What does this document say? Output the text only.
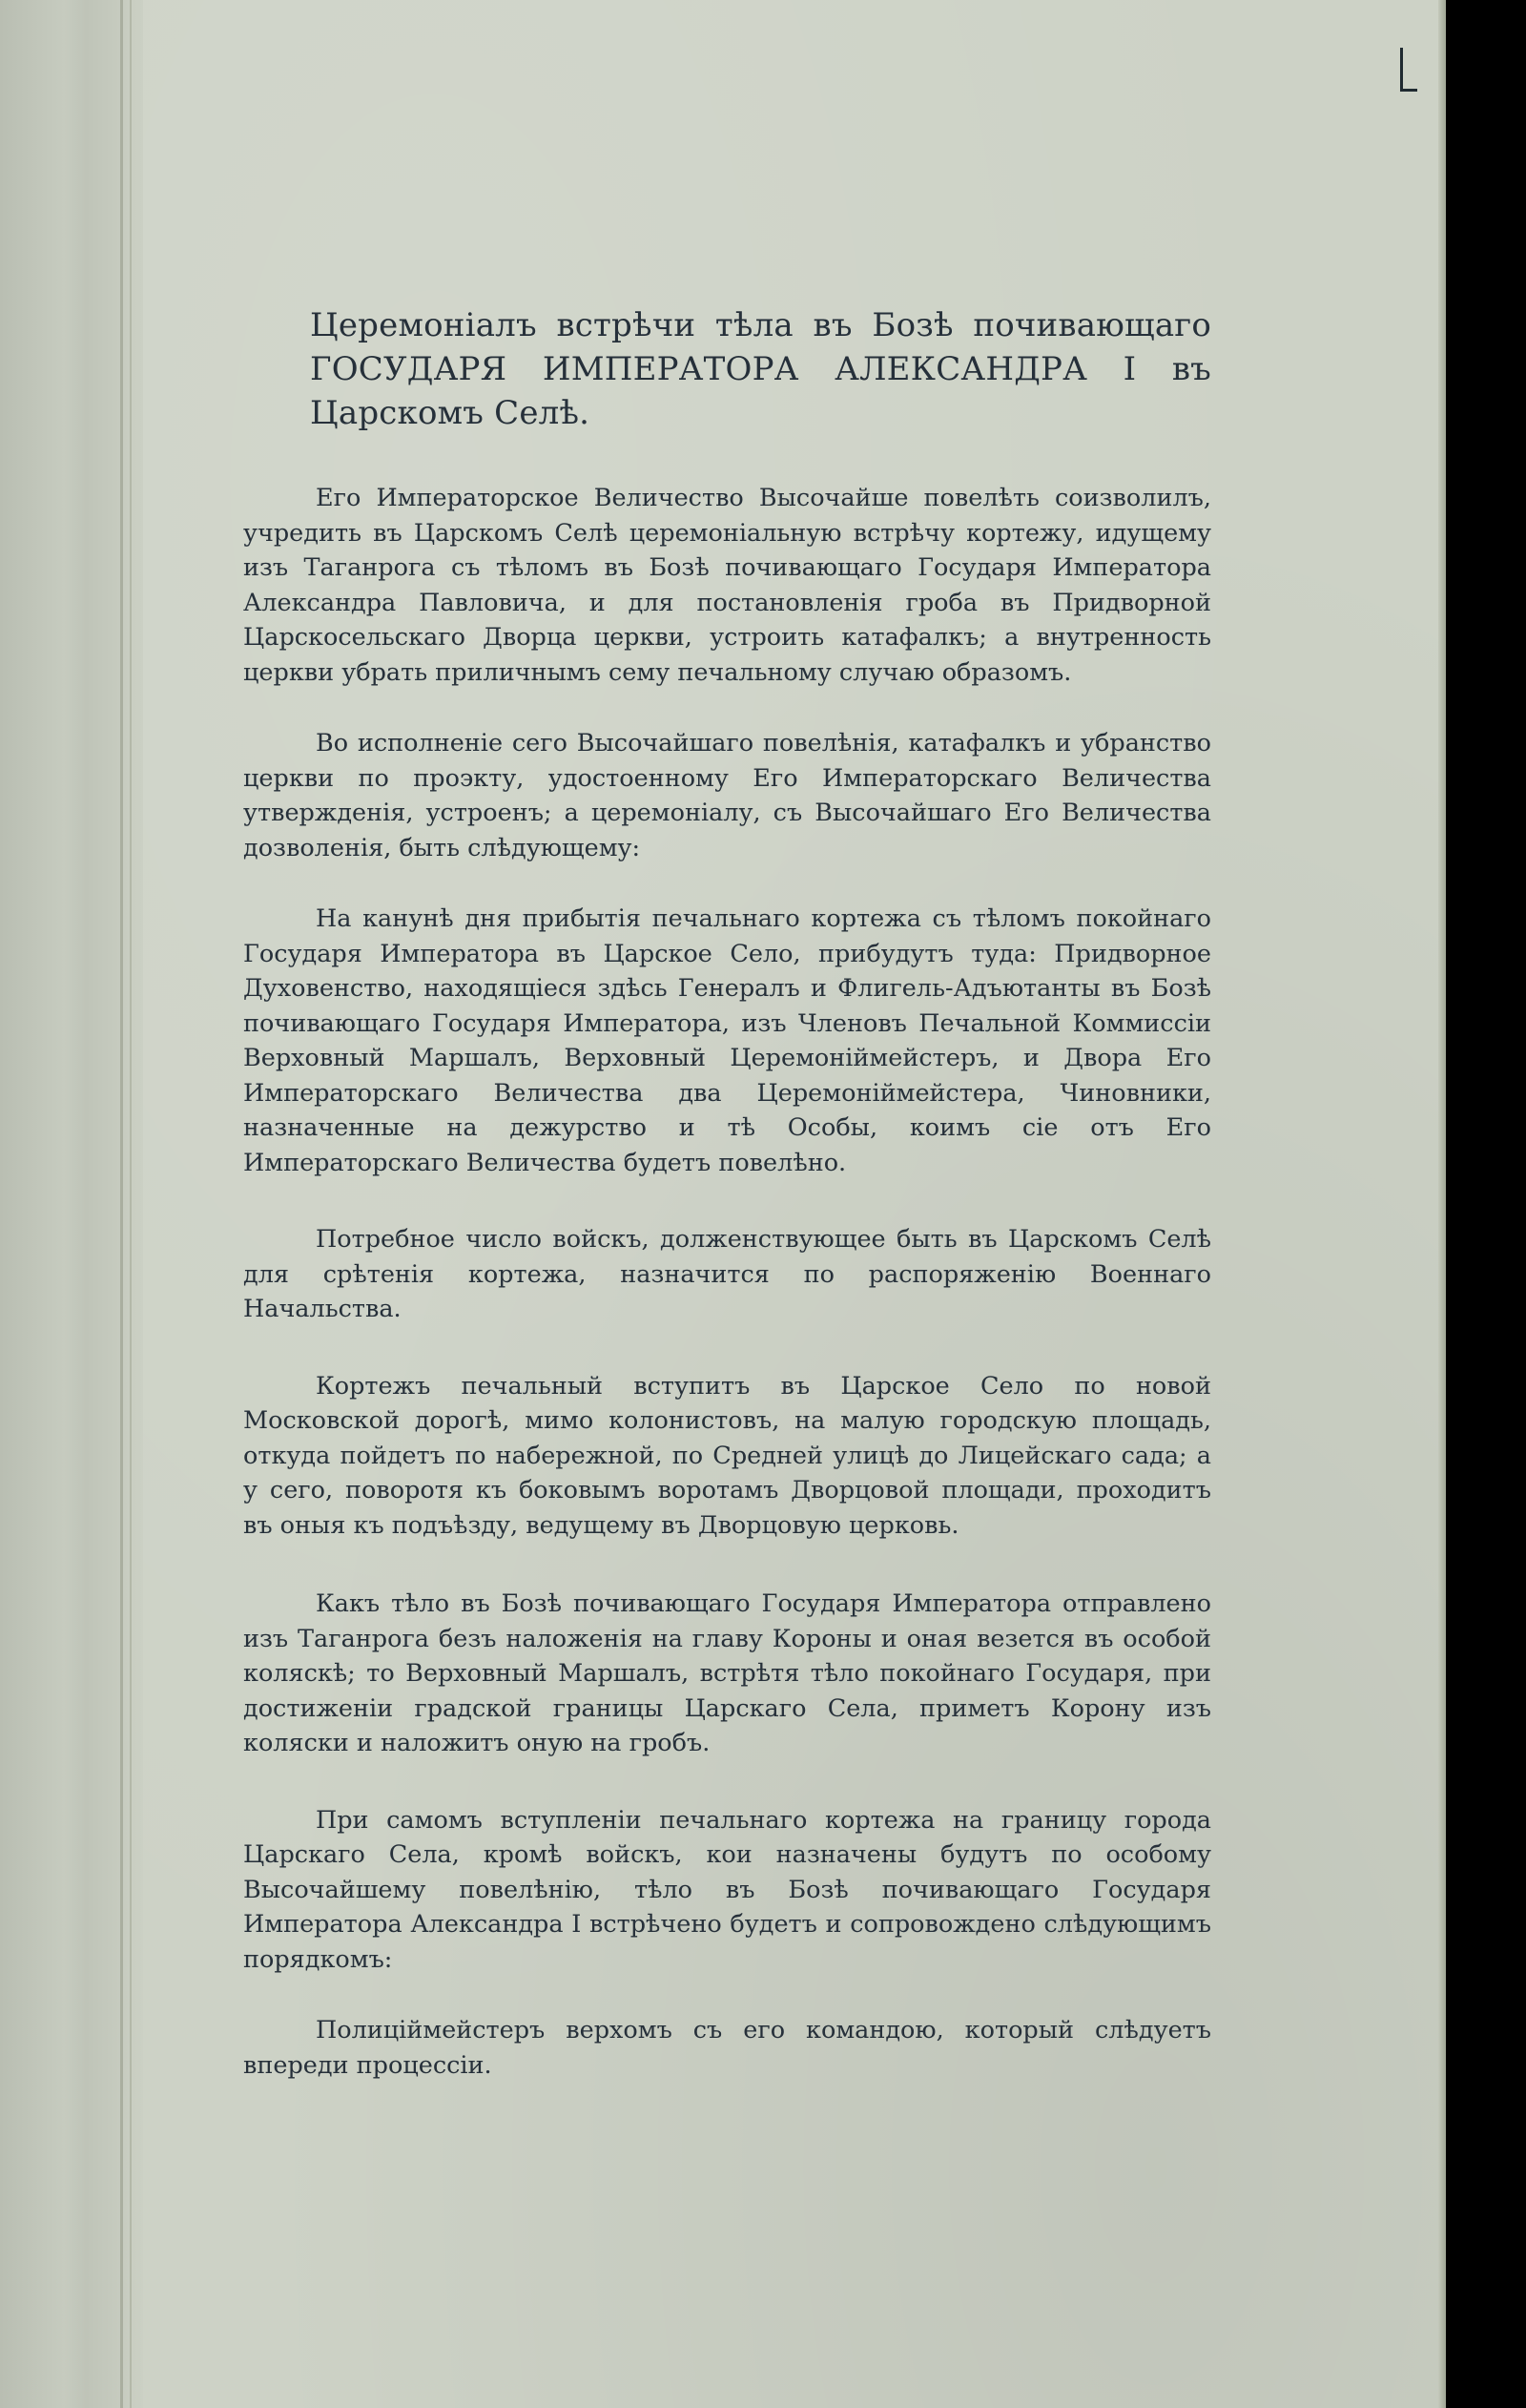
Церемоніалъ встрѣчи тѣла въ Бозѣ почивающаго ГОСУДАРЯ ИМПЕРАТОРА АЛЕКСАНДРА I въ Царскомъ Селѣ.

Его Императорское Величество Высочайше повелѣть соизволилъ, учредить въ Царскомъ Селѣ церемоніальную встрѣчу кортежу, идущему изъ Таганрога съ тѣломъ въ Бозѣ почивающаго Государя Императора Александра Павловича, и для постановленія гроба въ Придворной Царскосельскаго Дворца церкви, устроить катафалкъ; а внутренность церкви убрать приличнымъ сему печальному случаю образомъ.

Во исполненіе сего Высочайшаго повелѣнія, катафалкъ и убранство церкви по проэкту, удостоенному Его Императорскаго Величества утвержденія, устроенъ; а церемоніалу, съ Высочайшаго Его Величества дозволенія, быть слѣдующему:

На канунѣ дня прибытія печальнаго кортежа съ тѣломъ покойнаго Государя Императора въ Царское Село, прибудутъ туда: Придворное Духовенство, находящіеся здѣсь Генералъ и Флигель-Адъютанты въ Бозѣ почивающаго Государя Императора, изъ Членовъ Печальной Коммиссіи Верховный Маршалъ, Верховный Церемоніймейстеръ, и Двора Его Императорскаго Величества два Церемоніймейстера, Чиновники, назначенные на дежурство и тѣ Особы, коимъ сіе отъ Его Императорскаго Величества будетъ повелѣно.

Потребное число войскъ, долженствующее быть въ Царскомъ Селѣ для срѣтенія кортежа, назначится по распоряженію Военнаго Начальства.

Кортежъ печальный вступитъ въ Царское Село по новой Московской дорогѣ, мимо колонистовъ, на малую городскую площадь, откуда пойдетъ по набережной, по Средней улицѣ до Лицейскаго сада; а у сего, поворотя къ боковымъ воротамъ Дворцовой площади, проходитъ въ оныя къ подъѣзду, ведущему въ Дворцовую церковь.

Какъ тѣло въ Бозѣ почивающаго Государя Императора отправлено изъ Таганрога безъ наложенія на главу Короны и оная везется въ особой коляскѣ; то Верховный Маршалъ, встрѣтя тѣло покойнаго Государя, при достиженіи градской границы Царскаго Села, приметъ Корону изъ коляски и наложитъ оную на гробъ.

При самомъ вступленіи печальнаго кортежа на границу города Царскаго Села, кромѣ войскъ, кои назначены будутъ по особому Высочайшему повелѣнію, тѣло въ Бозѣ почивающаго Государя Императора Александра I встрѣчено будетъ и сопровождено слѣдующимъ порядкомъ:

Полиціймейстеръ верхомъ съ его командою, который слѣдуетъ впереди процессіи.
